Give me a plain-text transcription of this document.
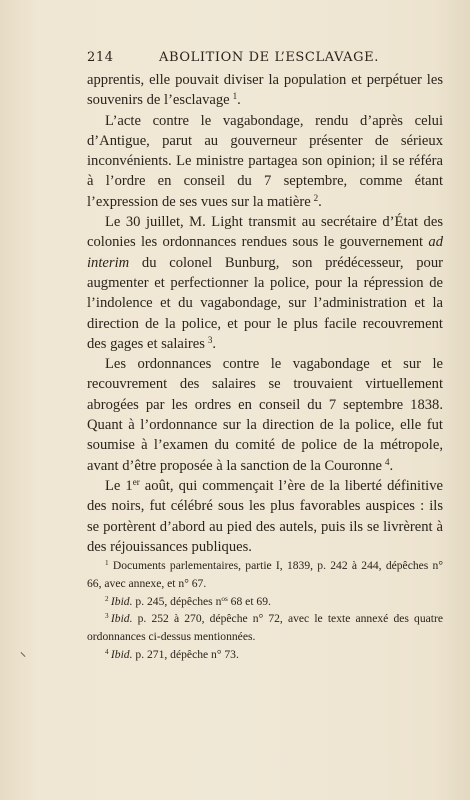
214	ABOLITION DE L’ESCLAVAGE.

apprentis, elle pouvait diviser la population et perpétuer les souvenirs de l’esclavage  $^1$.

L’acte contre le vagabondage, rendu d’après celui d’Antigue, parut au gouverneur présenter de sérieux inconvénients. Le ministre partagea son opinion; il se référa à l’ordre en conseil du 7 septembre, comme étant l’expression de ses vues sur la matière  $^2$.

Le 30 juillet, M. Light transmit au secrétaire d’État des colonies les ordonnances rendues sous le gouvernement ad interim du colonel Bunburg, son prédécesseur, pour augmenter et perfectionner la police, pour la répression de l’indolence et du vagabondage, sur l’administration et la direction de la police, et pour le plus facile recouvrement des gages et salaires  $^3$.

Les ordonnances contre le vagabondage et sur le recouvrement des salaires se trouvaient virtuellement abrogées par les ordres en conseil du 7 septembre 1838. Quant à l’ordonnance sur la direction de la police, elle fut soumise à l’examen du comité de police de la métropole, avant d’être proposée à la sanction de la Couronne  $^4$.

Le 1er août, qui commençait l’ère de la liberté définitive des noirs, fut célébré sous les plus favorables auspices : ils se portèrent d’abord au pied des autels, puis ils se livrèrent à des réjouissances publiques.

$^1$ Documents parlementaires, partie I, 1839, p. 242 à 244, dépêches n° 66, avec annexe, et n° 67.

$^2$  Ibid. p. 245, dépêches $n^{os}$ 68 et 69.

$^3$  Ibid. p. 252 à 270, dépêche n° 72, avec le texte annexé des quatre ordonnances ci-dessus mentionnées.

$^4$  Ibid. p. 271, dépêche n° 73.
